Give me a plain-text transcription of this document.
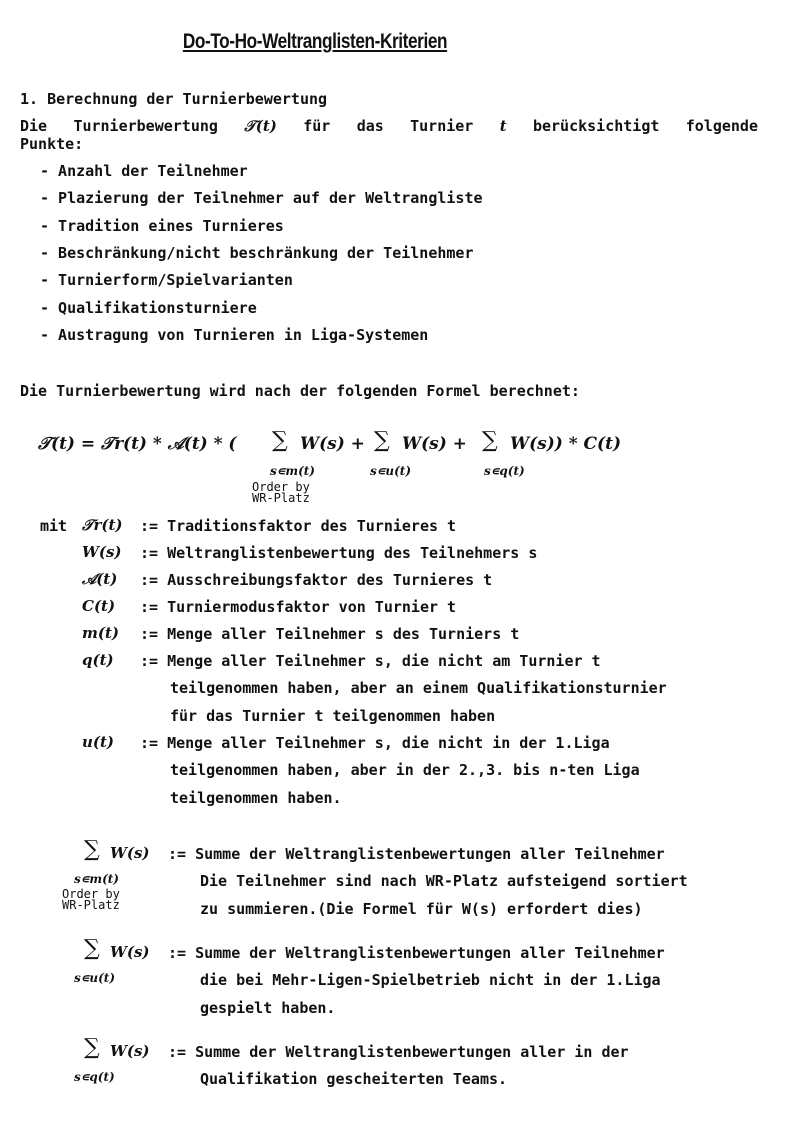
Do-To-Ho-Weltranglisten-Kriterien
1. Berechnung der Turnierbewertung
Die Turnierbewertung 𝒯(t) für das Turnier t berücksichtigt folgende
Punkte:
- Anzahl der Teilnehmer
- Plazierung der Teilnehmer auf der Weltrangliste
- Tradition eines Turnieres
- Beschränkung/nicht beschränkung der Teilnehmer
- Turnierform/Spielvarianten
- Qualifikationsturniere
- Austragung von Turnieren in Liga-Systemen
Die Turnierbewertung wird nach der folgenden Formel berechnet:
𝒯(t) = 𝒯r(t) * 𝒜(t) * ( ∑ W(s) + ∑ W(s) + ∑ W(s)) * C(t)
s∊m(t)	s∊u(t)	s∊q(t)
Order by
WR-Platz
mit 𝒯r(t) := Traditionsfaktor des Turnieres t
W(s) := Weltranglistenbewertung des Teilnehmers s
𝒜(t) := Ausschreibungsfaktor des Turnieres t
C(t) := Turniermodusfaktor von Turnier t
m(t) := Menge aller Teilnehmer s des Turniers t
q(t) := Menge aller Teilnehmer s, die nicht am Turnier t
teilgenommen haben, aber an einem Qualifikationsturnier
für das Turnier t teilgenommen haben
u(t) := Menge aller Teilnehmer s, die nicht in der 1.Liga
teilgenommen haben, aber in der 2.,3. bis n-ten Liga
teilgenommen haben.
∑ W(s)
s∊m(t)
Order by
WR-Platz
:= Summe der Weltranglistenbewertungen aller Teilnehmer
Die Teilnehmer sind nach WR-Platz aufsteigend sortiert
zu summieren.(Die Formel für W(s) erfordert dies)
∑ W(s)
s∊u(t)
:= Summe der Weltranglistenbewertungen aller Teilnehmer
die bei Mehr-Ligen-Spielbetrieb nicht in der 1.Liga
gespielt haben.
∑ W(s)
s∊q(t)
:= Summe der Weltranglistenbewertungen aller in der
Qualifikation gescheiterten Teams.
